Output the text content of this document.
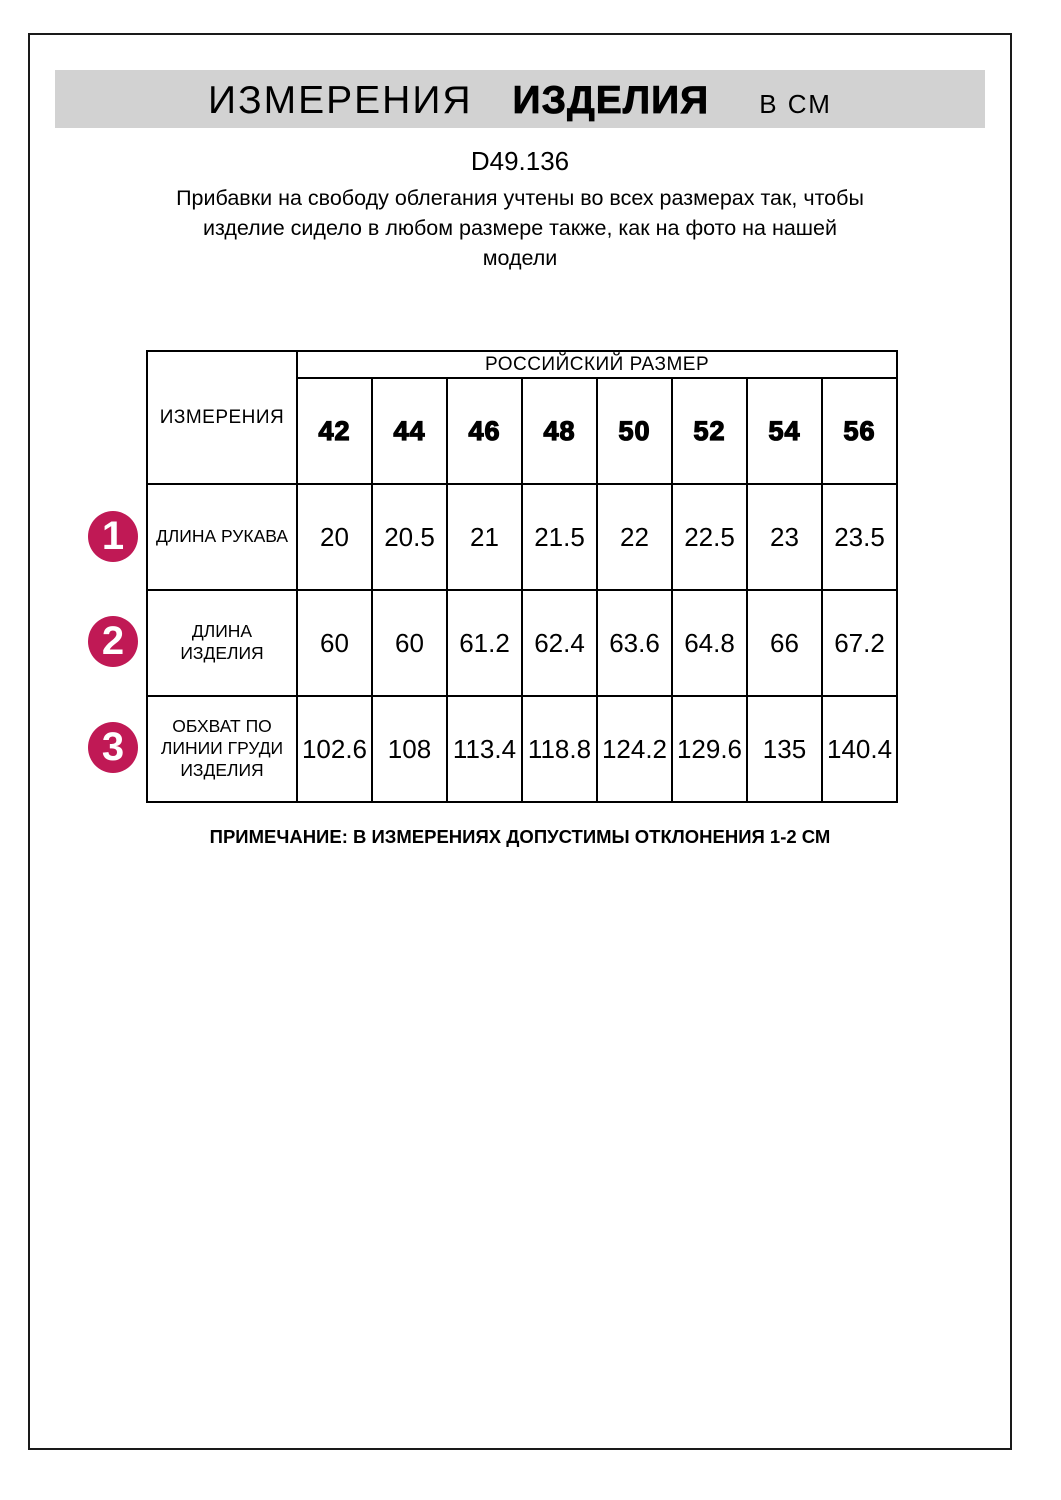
ИЗМЕРЕНИЯ ИЗДЕЛИЯ В СМ
D49.136
Прибавки на свободу облегания учтены во всех размерах так, чтобы
изделие сидело в любом размере также, как на фото на нашей
модели
ИЗМЕРЕНИЯ	РОССИЙСКИЙ РАЗМЕР							
	42	44	46	48	50	52	54	56
ДЛИНА РУКАВА	20	20.5	21	21.5	22	22.5	23	23.5
ДЛИНА ИЗДЕЛИЯ	60	60	61.2	62.4	63.6	64.8	66	67.2
ОБХВАТ ПО ЛИНИИ ГРУДИ ИЗДЕЛИЯ	102.6	108	113.4	118.8	124.2	129.6	135	140.4
1
2
3
ПРИМЕЧАНИЕ: В ИЗМЕРЕНИЯХ ДОПУСТИМЫ ОТКЛОНЕНИЯ 1-2 СМ
